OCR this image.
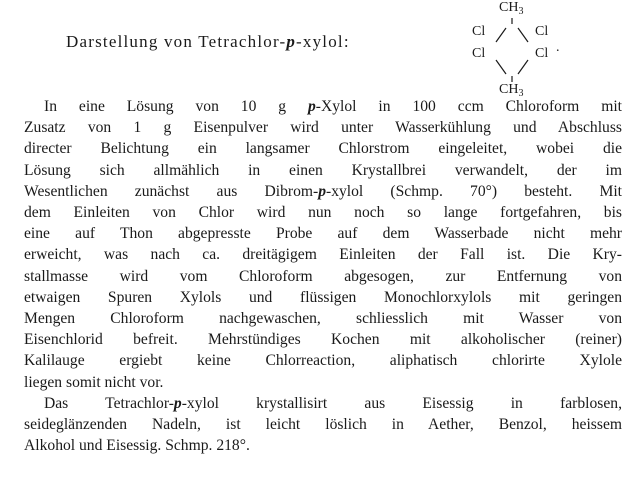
Darstellung von Tetrachlor-p-xylol:
$CH_3$
Cl	Cl
Cl	Cl .
$CH_3$
In eine Lösung von 10 g p-Xylol in 100 ccm Chloroform mit
Zusatz von 1 g Eisenpulver wird unter Wasserkühlung und Abschluss
directer Belichtung ein langsamer Chlorstrom eingeleitet, wobei die
Lösung sich allmählich in einen Krystallbrei verwandelt, der im
Wesentlichen zunächst aus Dibrom-p-xylol (Schmp. 70°) besteht. Mit
dem Einleiten von Chlor wird nun noch so lange fortgefahren, bis
eine auf Thon abgepresste Probe auf dem Wasserbade nicht mehr
erweicht, was nach ca. dreitägigem Einleiten der Fall ist. Die Kry-
stallmasse wird vom Chloroform abgesogen, zur Entfernung von
etwaigen Spuren Xylols und flüssigen Monochlorxylols mit geringen
Mengen Chloroform nachgewaschen, schliesslich mit Wasser von
Eisenchlorid befreit. Mehrstündiges Kochen mit alkoholischer (reiner)
Kalilauge ergiebt keine Chlorreaction, aliphatisch chlorirte Xylole
liegen somit nicht vor.
Das Tetrachlor-p-xylol krystallisirt aus Eisessig in farblosen,
seideglänzenden Nadeln, ist leicht löslich in Aether, Benzol, heissem
Alkohol und Eisessig. Schmp. 218°.
